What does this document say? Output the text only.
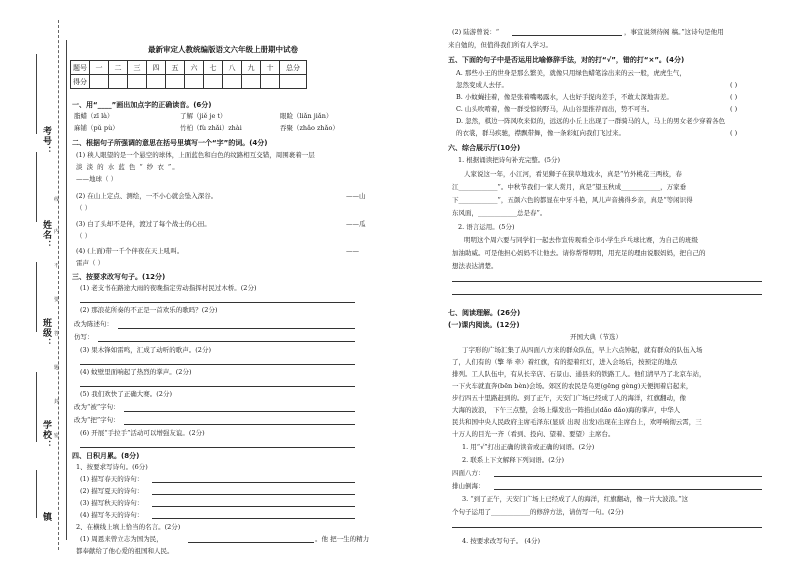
考号：
姓名：
班级：
学校：
镇
线
内
不
要
答
题
封
密
最新审定人教统编版语文六年级上册期中试卷
题号	一	二	三	四	五	六	七	八	九	十	总分
得分											
一、用“____”画出加点字的正确读音。(6分)
脂蜡（zī là）	了解（jiě je t）	眼睑（liǎn jiǎn）
麻铺（pǔ pù）	竹柏（fù zhǎi）zhài	吞聚（zhǎo zhǎo）
二、根据句子所强调的意思在括号里填写一个“字”的词。(4分)
(1) 秧人眼望的是一个悬空的球体，上面蓝色和白色的纹路相互交错，周围裹着一层
淡 淡 的 水 蓝 色 “ 纱 衣 ”。
——地球（ ）
(2) 在山上定点、测绘，一不小心就会坠入深谷。	——山
（ ）
(3) 白了头却不是伴，渡过了每个战士的心田。	——瓜
（ ）
(4) (上面)带一千个伴夜在天上吼叫。	——
雷声（ ）
三、按要求改写句子。(12分)
(1) 老支书在路途大雨的夜晚指定劳动指挥村民过木桥。(2分)
(2) 那浪花所奏的不正是一首欢乐的歌吗？(2分)
改为陈述句：
仿写：
(3) 果木锋如雷鸣，汇成了动听的歌声。(2分)
(4) 蚊壁里面响起了热烈的掌声。(2分)
(5) 我们欢快了正确大赛。(2分)
改为“被”字句：
改为“把”字句：
(6) 开展“手拉手”活动可以增强友谊。(2分)
四、日积月累。(8分)
1、按要求写诗句。(6分)
(1) 描写春天的诗句：
(2) 描写夏天的诗句：
(3) 描写秋天的诗句：
(4) 描写冬天的诗句：
2、在横线上填上恰当的名言。(2分)
(1) 周恩来曾立志为国为民，	。他 把一生的精力
都奉献给了他心爱的祖国和人民。
(2) 陆游曾说：“	，事宜说须待阁 稿。”这诗句是他用
来自勉的，但值得我们所有人学习。
五、下面的句子中是否运用比喻修辞手法，对的打“√”，错的打“×”。(4分)
A. 那些小王的世身是那么繁美，就像只用绿色蜡笔涂出来的云一般，虎虎生气，
忽然变成人去仔。	( )
B. 小蚊蝇挂着，像是张着嘴喝露水，人也好手捉肉差手，不敢太深地害差。	( )
C. 山头吹啃着，像一群受惊的野马，从山谷里推荐而出，势不可当。	( )
D. 忽然，棋边一阵风吹来似的，远远的小丘上出现了一群骑马的人，马上的男女老少穿着各色
的衣裳，群马疾驰，襟飘带舞，像一条彩虹向我们飞过来。	( )
六、综合展示厅(10分)
1. 根据诵读把诗句补充完整。(5分)
人家说这一年，小江河，看见狮子在狭草地戏水，真是“竹外桃花三两枝，春
江____________”。中秋节我们一家人赏月，真是“望玉秋成____________，万家垂
下____________”，五颜六色的都显在中牙斗艳，风儿声音拂得乡亲，真是“等闲识得
东风面，____________总是春”。
2. 语言运用。(5分)
明明这个周六要与同学们一起去作宣传观看全市小学生乒乓球比赛，为自己的班级
加油助威。可是他担心妈妈不让他去。请你帮帮明明，用充足的理由说服妈妈，把自己的
想法表达清楚。
七、阅读理解。(26分)
(一)课内阅读。(12分)
开国大典（节选）
丁字形的广场汇集了从四面八方来的群众队伍，早上六点钟起，就有群众的队伍入场
了，人们有的（擎 举 牵）着红旗，有的提着红灯，进入会场后，按预定的地点
排列。工人队伍中，有从长辛店、石景山、通县来的铁路工人。他们清早乃了北京车站，
一下火车就直奔(bēn bèn)会场。郊区的农民是乌更(gēng gèng)天便拥着启起来，
步行四五十里路赶到的。到了正午，天安门广场已经成了人的海洋，红旗翻动，像
大海的波浪， 下午三点整，会场上爆发出一阵掐山(dǎo dǎo)海的掌声，中华人
民共和国中央人民政府主席毛泽东(显质 出现 出发)出现在主席台上，欢呼响彻云霄，三
十万人的目光一齐（看到、投向、望着、要望）主席台。
1. 用“√”打出正确的读音或正确的词语。(2分)
2. 联系上下文解释下列词语。(2分)
四面八方：
排山倒海：
3. “到了正午，天安门广场上已经成了人的海洋，红旗翻动，像一片大波浪。”这
个句子运用了____________的修辞方法，请仿写一句。(2分)
4. 按要求改写句子。 (4分)
